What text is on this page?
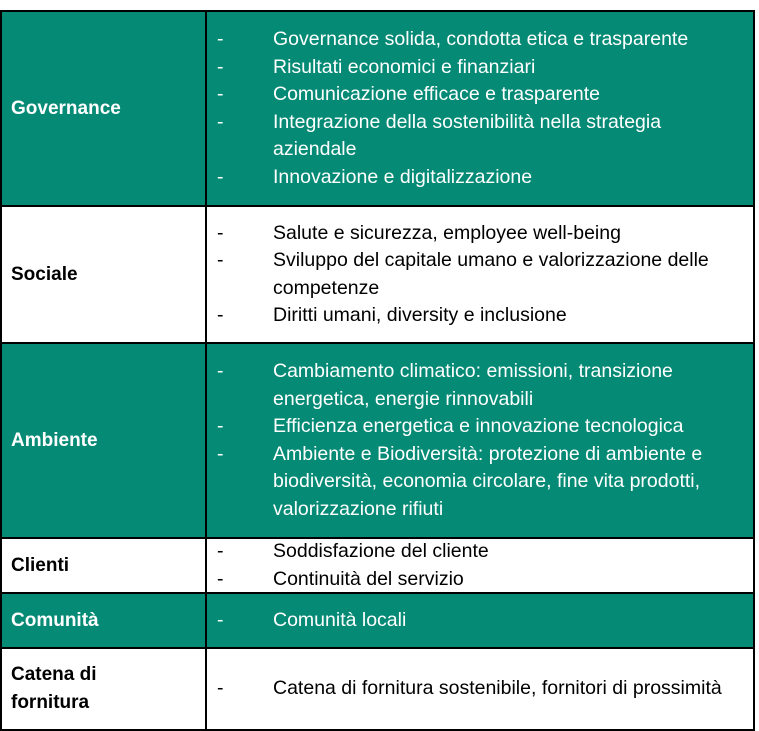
Governance
-	Governance solida, condotta etica e trasparente
-	Risultati economici e finanziari
-	Comunicazione efficace e trasparente
-	Integrazione della sostenibilità nella strategia aziendale
-	Innovazione e digitalizzazione
Sociale
-	Salute e sicurezza, employee well-being
-	Sviluppo del capitale umano e valorizzazione delle competenze
-	Diritti umani, diversity e inclusione
Ambiente
-	Cambiamento climatico: emissioni, transizione energetica, energie rinnovabili
-	Efficienza energetica e innovazione tecnologica
-	Ambiente e Biodiversità: protezione di ambiente e biodiversità, economia circolare, fine vita prodotti, valorizzazione rifiuti
Clienti
-	Soddisfazione del cliente
-	Continuità del servizio
Comunità	-	Comunità locali
Catena di fornitura
-	Catena di fornitura sostenibile, fornitori di prossimità
